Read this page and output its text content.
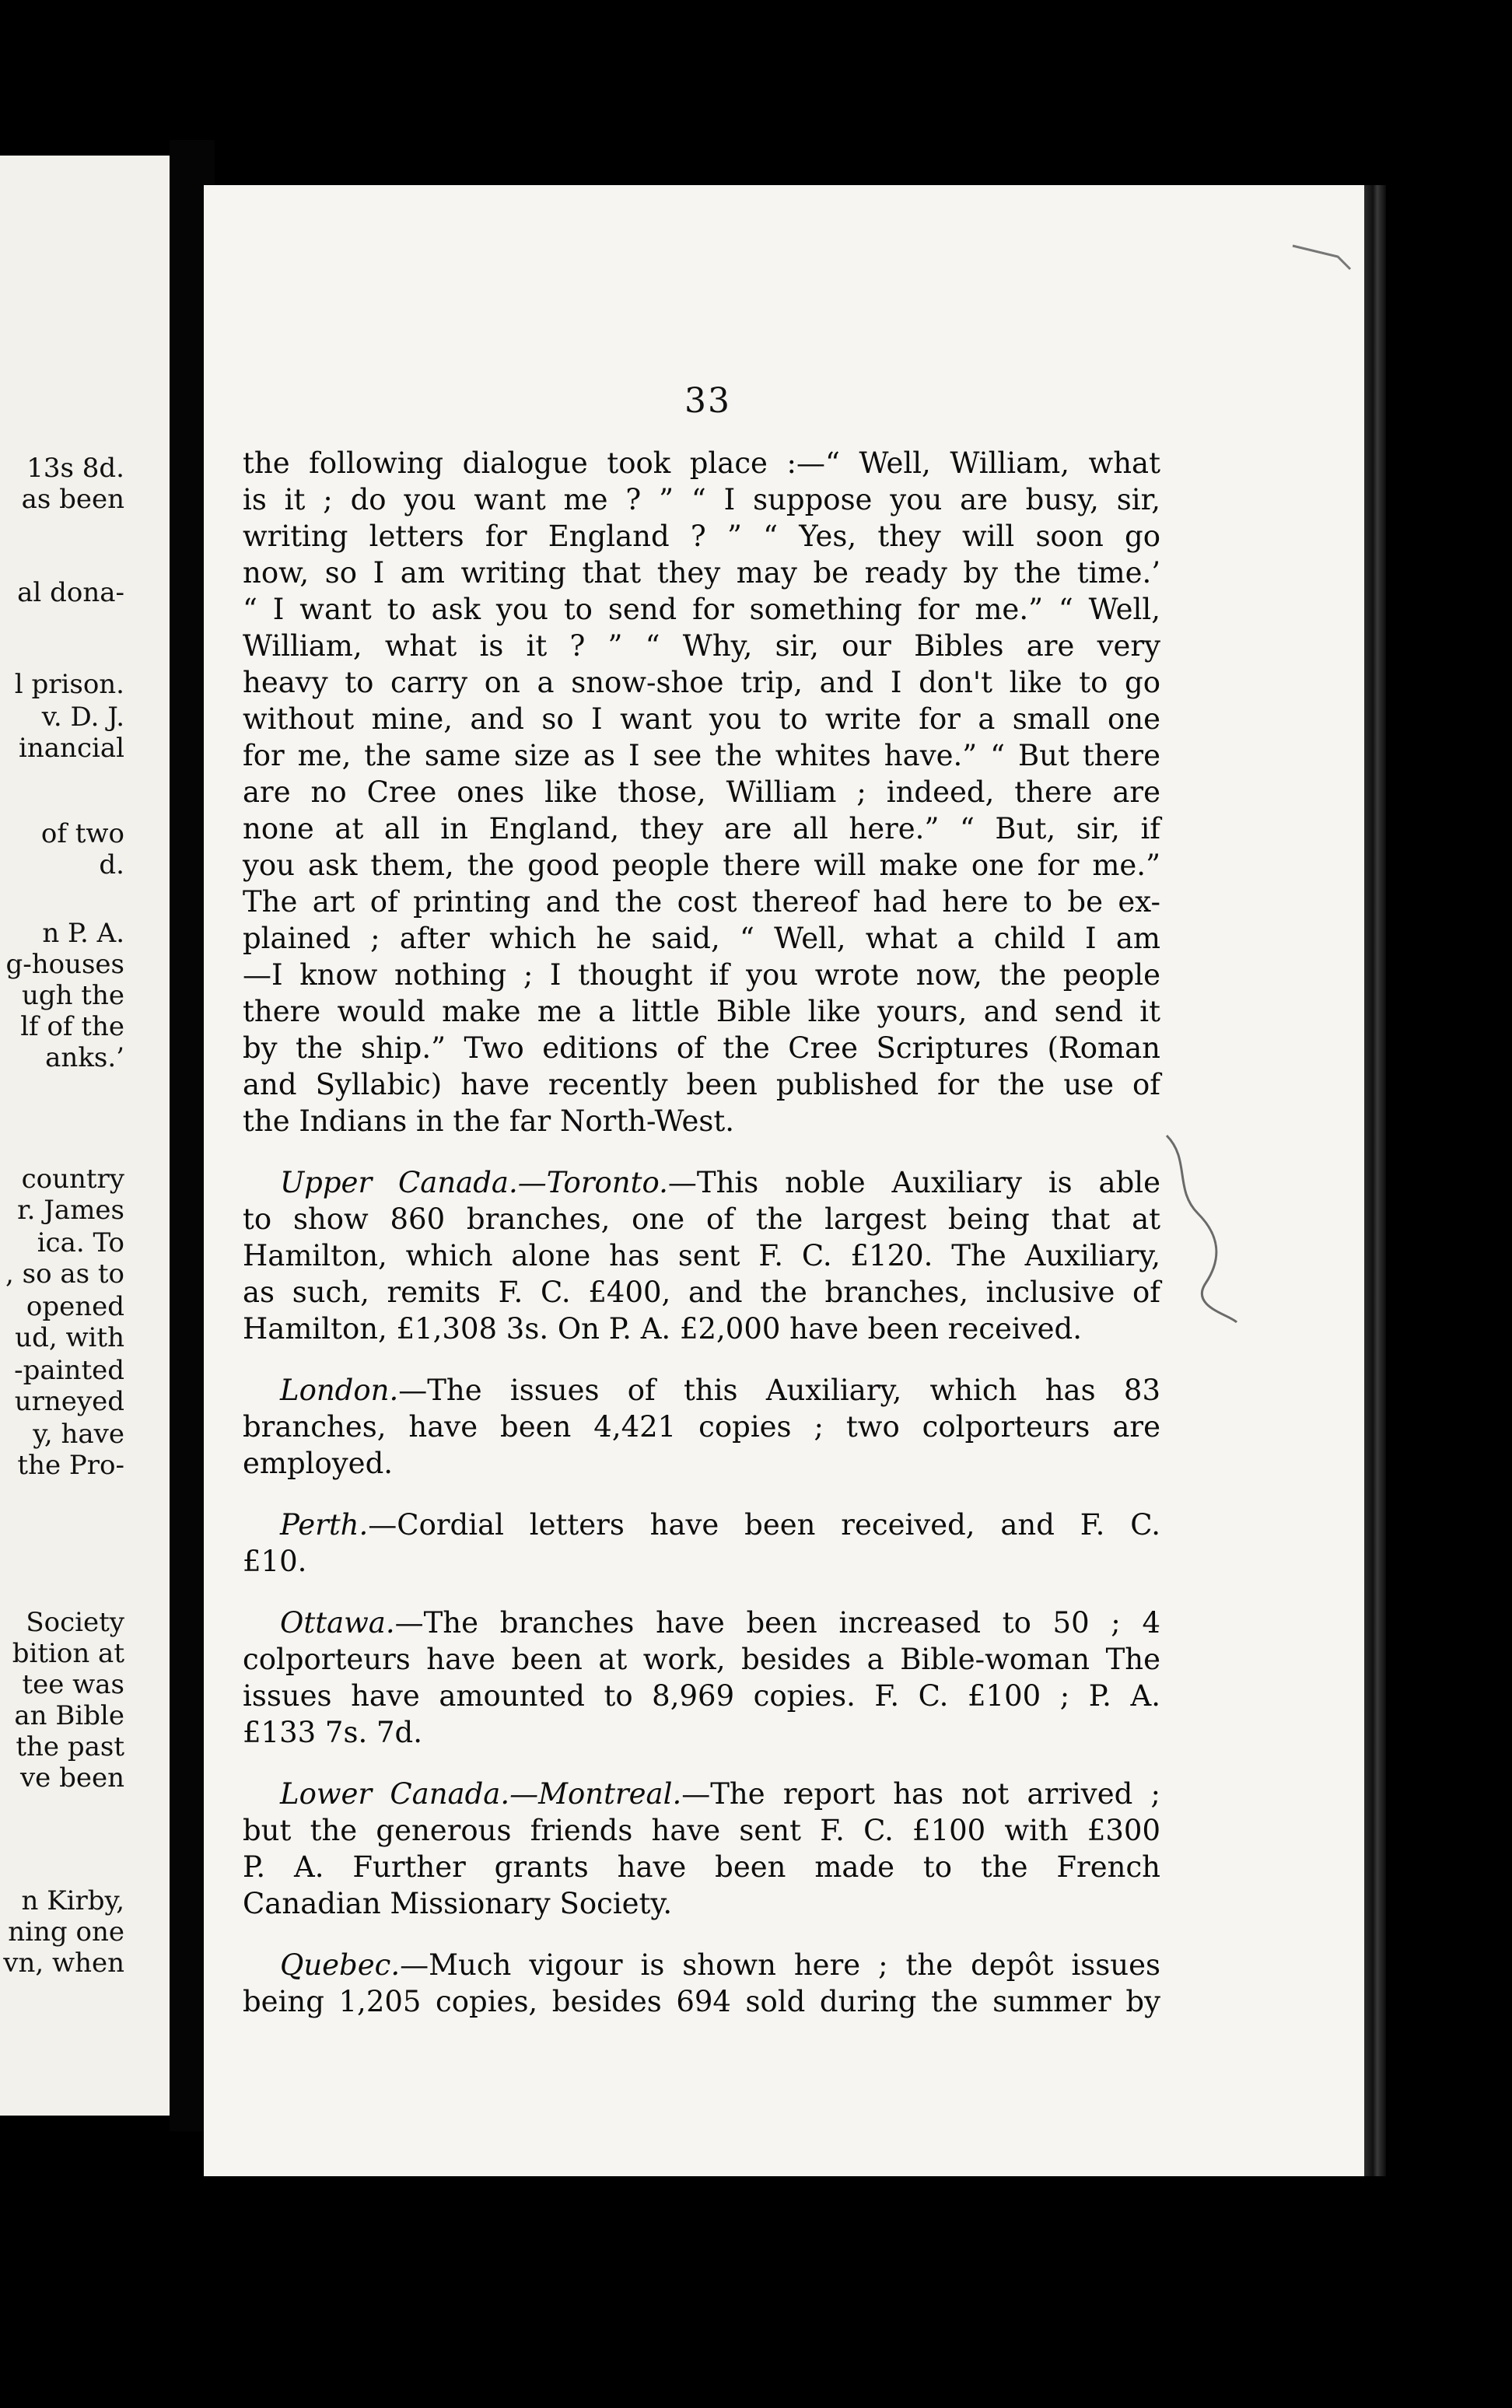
13s 8d.
as been
al dona-
l prison.
v. D. J.
inancial
of two
d.
n P. A.
g-houses
ugh the
lf of the
anks.’
country
r. James
ica. To
, so as to
opened
ud, with
-painted
urneyed
y, have
the Pro-
Society
bition at
tee was
an Bible
the past
ve been
n Kirby,
ning one
vn, when
33
the following dialogue took place :—“ Well, William, what
is it ; do you want me ? ” “ I suppose you are busy, sir,
writing letters for England ? ” “ Yes, they will soon go
now, so I am writing that they may be ready by the time.’
“ I want to ask you to send for something for me.” “ Well,
William, what is it ? ” “ Why, sir, our Bibles are very
heavy to carry on a snow-shoe trip, and I don't like to go
without mine, and so I want you to write for a small one
for me, the same size as I see the whites have.” “ But there
are no Cree ones like those, William ; indeed, there are
none at all in England, they are all here.” “ But, sir, if
you ask them, the good people there will make one for me.”
The art of printing and the cost thereof had here to be ex-
plained ; after which he said, “ Well, what a child I am
—I know nothing ; I thought if you wrote now, the people
there would make me a little Bible like yours, and send it
by the ship.” Two editions of the Cree Scriptures (Roman
and Syllabic) have recently been published for the use of
the Indians in the far North-West.
Upper Canada.—Toronto.—This noble Auxiliary is able
to show 860 branches, one of the largest being that at
Hamilton, which alone has sent F. C. £120. The Auxiliary,
as such, remits F. C. £400, and the branches, inclusive of
Hamilton, £1,308 3s. On P. A. £2,000 have been received.
London.—The issues of this Auxiliary, which has 83
branches, have been 4,421 copies ; two colporteurs are
employed.
Perth.—Cordial letters have been received, and F. C.
£10.
Ottawa.—The branches have been increased to 50 ; 4
colporteurs have been at work, besides a Bible-woman The
issues have amounted to 8,969 copies. F. C. £100 ; P. A.
£133 7s. 7d.
Lower Canada.—Montreal.—The report has not arrived ;
but the generous friends have sent F. C. £100 with £300
P. A. Further grants have been made to the French
Canadian Missionary Society.
Quebec.—Much vigour is shown here ; the depôt issues
being 1,205 copies, besides 694 sold during the summer by
